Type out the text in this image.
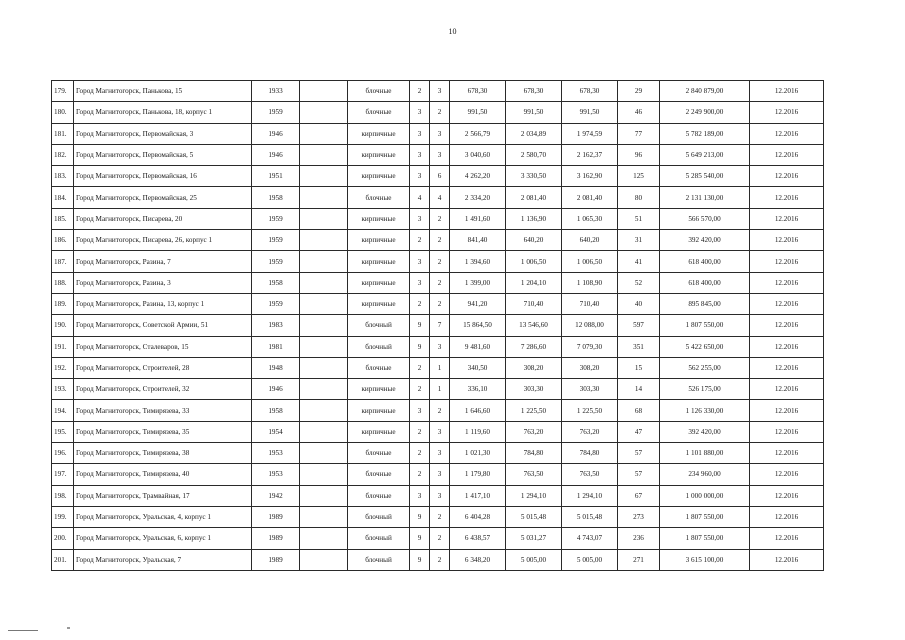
10
179.	Город Магнитогорск, Панькова, 15	1933		блочные	2	3	678,30	678,30	678,30	29	2 840 879,00	12.2016
180.	Город Магнитогорск, Панькова, 18, корпус 1	1959		блочные	3	2	991,50	991,50	991,50	46	2 249 900,00	12.2016
181.	Город Магнитогорск, Первомайская, 3	1946		кирпичные	3	3	2 566,79	2 034,89	1 974,59	77	5 782 189,00	12.2016
182.	Город Магнитогорск, Первомайская, 5	1946		кирпичные	3	3	3 040,60	2 580,70	2 162,37	96	5 649 213,00	12.2016
183.	Город Магнитогорск, Первомайская, 16	1951		кирпичные	3	6	4 262,20	3 330,50	3 162,90	125	5 285 540,00	12.2016
184.	Город Магнитогорск, Первомайская, 25	1958		блочные	4	4	2 334,20	2 081,40	2 081,40	80	2 131 130,00	12.2016
185.	Город Магнитогорск, Писарева, 20	1959		кирпичные	3	2	1 491,60	1 136,90	1 065,30	51	566 570,00	12.2016
186.	Город Магнитогорск, Писарева, 26, корпус 1	1959		кирпичные	2	2	841,40	640,20	640,20	31	392 420,00	12.2016
187.	Город Магнитогорск, Разина, 7	1959		кирпичные	3	2	1 394,60	1 006,50	1 006,50	41	618 400,00	12.2016
188.	Город Магнитогорск, Разина, 3	1958		кирпичные	3	2	1 399,00	1 204,10	1 108,90	52	618 400,00	12.2016
189.	Город Магнитогорск, Разина, 13, корпус 1	1959		кирпичные	2	2	941,20	710,40	710,40	40	895 845,00	12.2016
190.	Город Магнитогорск, Советской Армии, 51	1983		блочный	9	7	15 864,50	13 546,60	12 088,00	597	1 807 550,00	12.2016
191.	Город Магнитогорск, Сталеваров, 15	1981		блочный	9	3	9 481,60	7 286,60	7 079,30	351	5 422 650,00	12.2016
192.	Город Магнитогорск, Строителей, 28	1948		блочные	2	1	340,50	308,20	308,20	15	562 255,00	12.2016
193.	Город Магнитогорск, Строителей, 32	1946		кирпичные	2	1	336,10	303,30	303,30	14	526 175,00	12.2016
194.	Город Магнитогорск, Тимирязева, 33	1958		кирпичные	3	2	1 646,60	1 225,50	1 225,50	68	1 126 330,00	12.2016
195.	Город Магнитогорск, Тимирязева, 35	1954		кирпичные	2	3	1 119,60	763,20	763,20	47	392 420,00	12.2016
196.	Город Магнитогорск, Тимирязева, 38	1953		блочные	2	3	1 021,30	784,80	784,80	57	1 101 880,00	12.2016
197.	Город Магнитогорск, Тимирязева, 40	1953		блочные	2	3	1 179,80	763,50	763,50	57	234 960,00	12.2016
198.	Город Магнитогорск, Трамвайная, 17	1942		блочные	3	3	1 417,10	1 294,10	1 294,10	67	1 000 000,00	12.2016
199.	Город Магнитогорск, Уральская, 4, корпус 1	1989		блочный	9	2	6 404,28	5 015,48	5 015,48	273	1 807 550,00	12.2016
200.	Город Магнитогорск, Уральская, 6, корпус 1	1989		блочный	9	2	6 438,57	5 031,27	4 743,07	236	1 807 550,00	12.2016
201.	Город Магнитогорск, Уральская, 7	1989		блочный	9	2	6 348,20	5 005,00	5 005,00	271	3 615 100,00	12.2016
